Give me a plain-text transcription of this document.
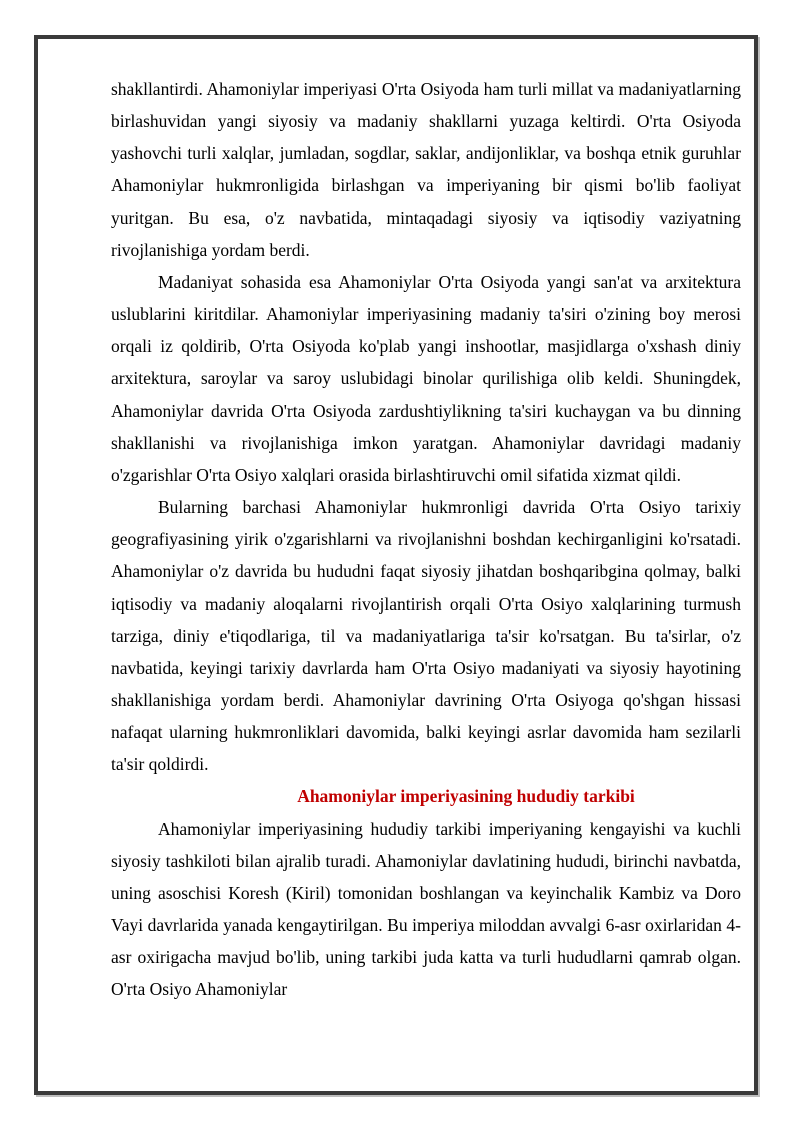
shakllantirdi. Ahamoniylar imperiyasi O'rta Osiyoda ham turli millat va madaniyatlarning birlashuvidan yangi siyosiy va madaniy shakllarni yuzaga keltirdi. O'rta Osiyoda yashovchi turli xalqlar, jumladan, sogdlar, saklar, andijonliklar, va boshqa etnik guruhlar Ahamoniylar hukmronligida birlashgan va imperiyaning bir qismi bo'lib faoliyat yuritgan. Bu esa, o'z navbatida, mintaqadagi siyosiy va iqtisodiy vaziyatning rivojlanishiga yordam berdi.

Madaniyat sohasida esa Ahamoniylar O'rta Osiyoda yangi san'at va arxitektura uslublarini kiritdilar. Ahamoniylar imperiyasining madaniy ta'siri o'zining boy merosi orqali iz qoldirib, O'rta Osiyoda ko'plab yangi inshootlar, masjidlarga o'xshash diniy arxitektura, saroylar va saroy uslubidagi binolar qurilishiga olib keldi. Shuningdek, Ahamoniylar davrida O'rta Osiyoda zardushtiylikning ta'siri kuchaygan va bu dinning shakllanishi va rivojlanishiga imkon yaratgan. Ahamoniylar davridagi madaniy o'zgarishlar O'rta Osiyo xalqlari orasida birlashtiruvchi omil sifatida xizmat qildi.

Bularning barchasi Ahamoniylar hukmronligi davrida O'rta Osiyo tarixiy geografiyasining yirik o'zgarishlarni va rivojlanishni boshdan kechirganligini ko'rsatadi. Ahamoniylar o'z davrida bu hududni faqat siyosiy jihatdan boshqaribgina qolmay, balki iqtisodiy va madaniy aloqalarni rivojlantirish orqali O'rta Osiyo xalqlarining turmush tarziga, diniy e'tiqodlariga, til va madaniyatlariga ta'sir ko'rsatgan. Bu ta'sirlar, o'z navbatida, keyingi tarixiy davrlarda ham O'rta Osiyo madaniyati va siyosiy hayotining shakllanishiga yordam berdi. Ahamoniylar davrining O'rta Osiyoga qo'shgan hissasi nafaqat ularning hukmronliklari davomida, balki keyingi asrlar davomida ham sezilarli ta'sir qoldirdi.

Ahamoniylar imperiyasining hududiy tarkibi

Ahamoniylar imperiyasining hududiy tarkibi imperiyaning kengayishi va kuchli siyosiy tashkiloti bilan ajralib turadi. Ahamoniylar davlatining hududi, birinchi navbatda, uning asoschisi Koresh (Kiril) tomonidan boshlangan va keyinchalik Kambiz va Doro Vayi davrlarida yanada kengaytirilgan. Bu imperiya miloddan avvalgi 6-asr oxirlaridan 4-asr oxirigacha mavjud bo'lib, uning tarkibi juda katta va turli hududlarni qamrab olgan. O'rta Osiyo Ahamoniylar
